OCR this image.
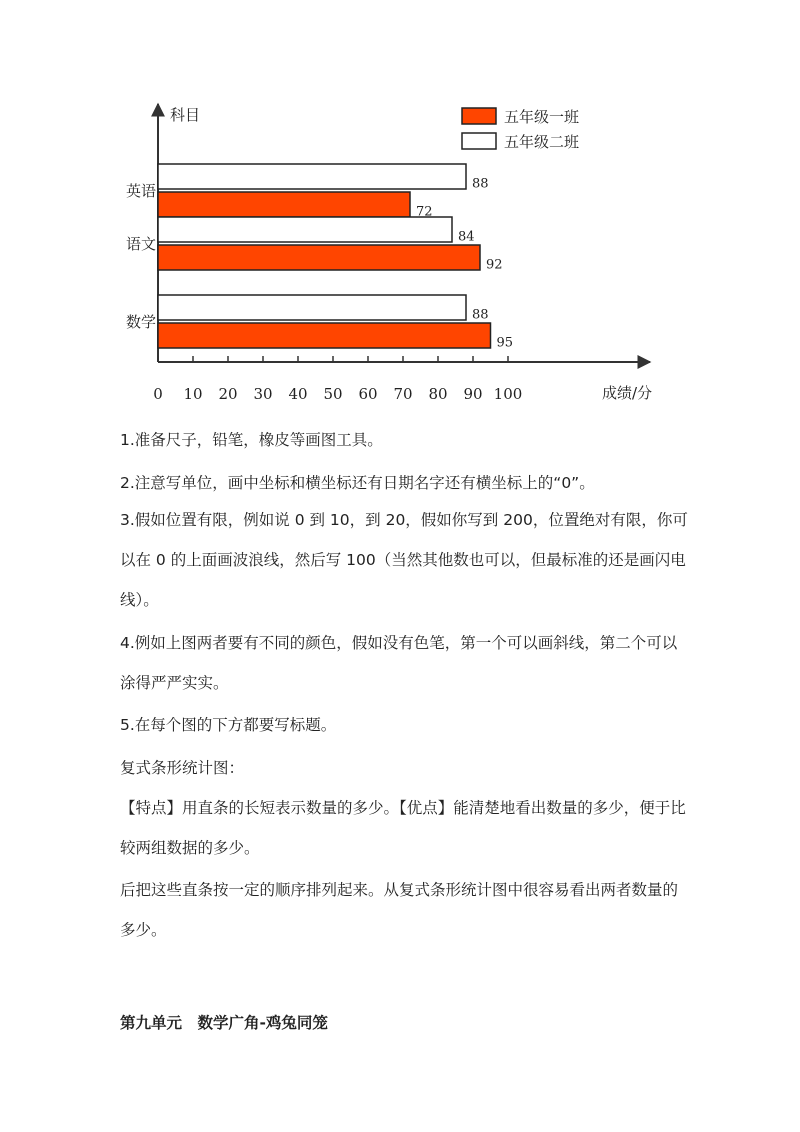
科目
成绩/分
0 10 20 30 40 50 60 70 80 90 100
英语
语文
数学
88
72
84
92
88
95
五年级一班
五年级二班

1.准备尺子，铅笔，橡皮等画图工具。

2.注意写单位，画中坐标和横坐标还有日期名字还有横坐标上的“0”。

3.假如位置有限，例如说 0 到 10，到 20，假如你写到 200，位置绝对有限，你可以在 0 的上面画波浪线，然后写 100（当然其他数也可以，但最标准的还是画闪电线）。

4.例如上图两者要有不同的颜色，假如没有色笔，第一个可以画斜线，第二个可以涂得严严实实。

5.在每个图的下方都要写标题。

复式条形统计图：

【特点】用直条的长短表示数量的多少。【优点】能清楚地看出数量的多少，便于比较两组数据的多少。

后把这些直条按一定的顺序排列起来。从复式条形统计图中很容易看出两者数量的多少。

第九单元　数学广角-鸡兔同笼
